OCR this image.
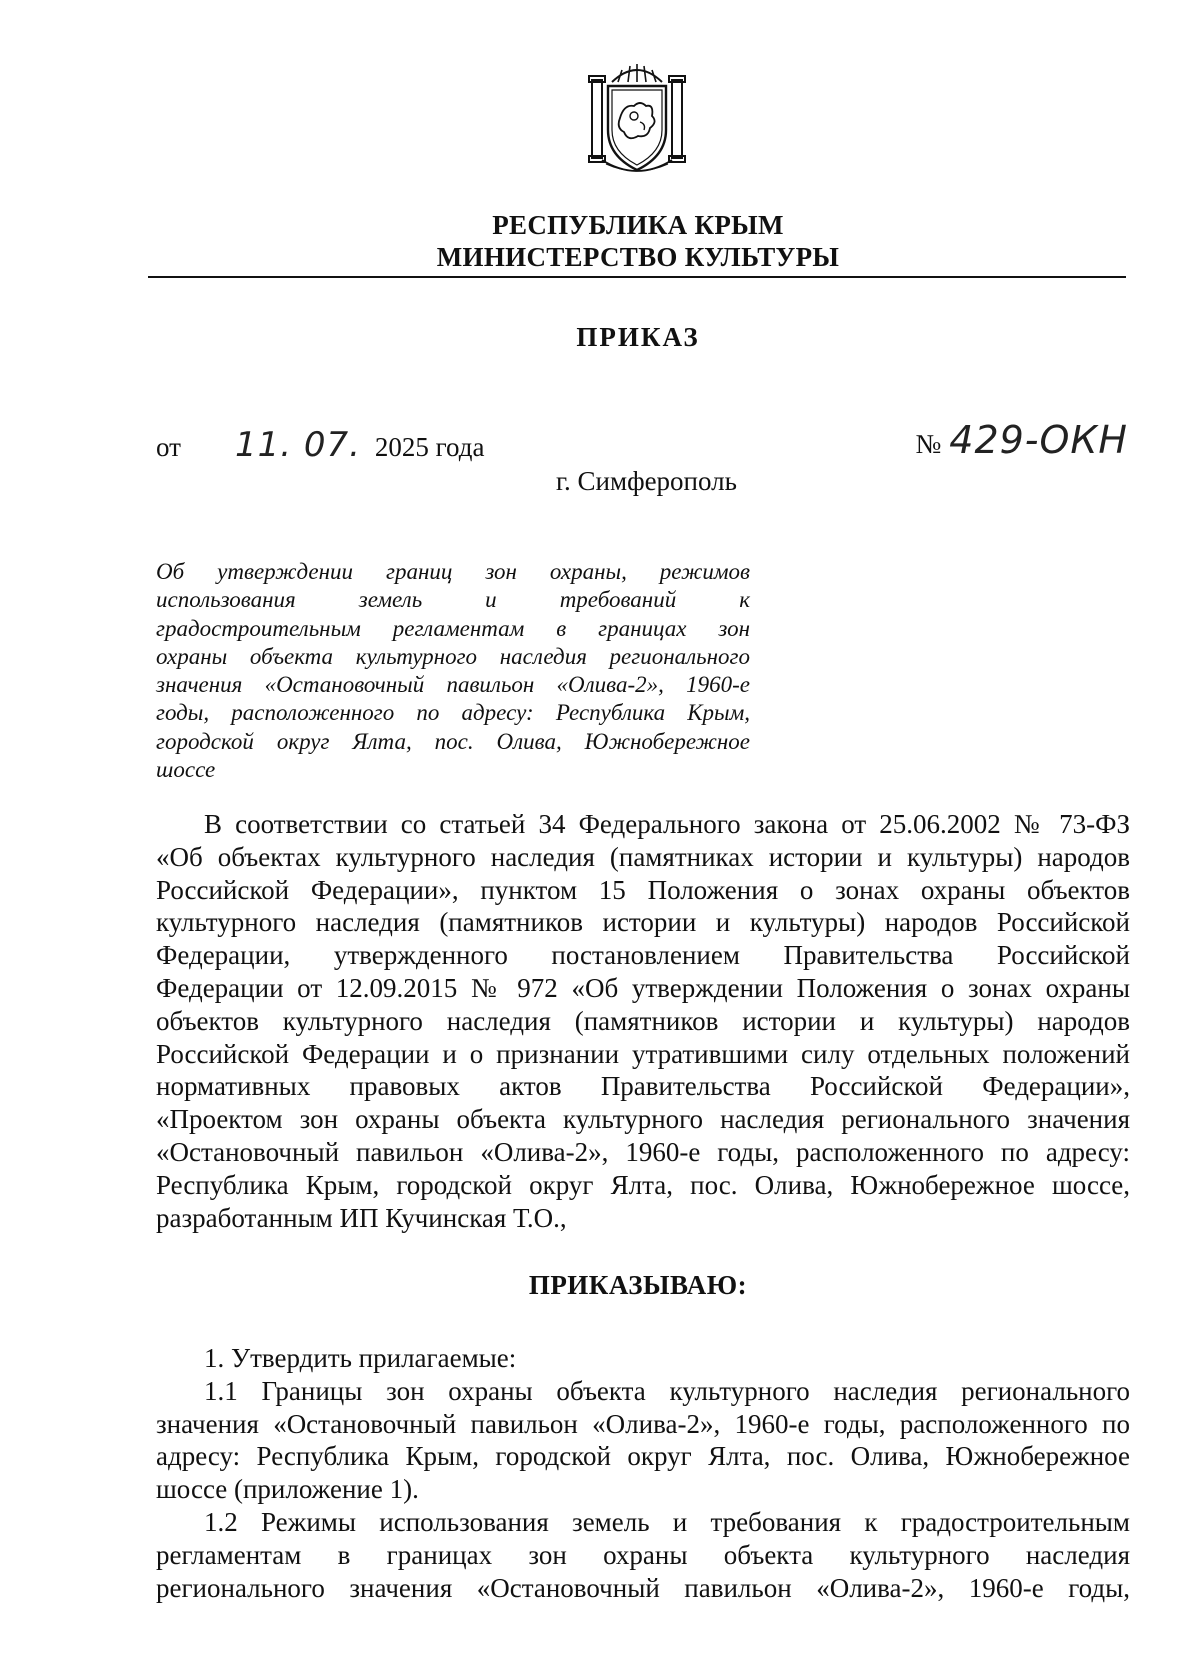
РЕСПУБЛИКА КРЫМ
МИНИСТЕРСТВО КУЛЬТУРЫ
ПРИКАЗ
от 11. 07. 2025 года	№ 429-ОКН
г. Симферополь
Об утверждении границ зон охраны, режимов
использования земель и требований к
градостроительным регламентам в границах зон
охраны объекта культурного наследия регионального
значения «Остановочный павильон «Олива-2», 1960-е
годы, расположенного по адресу: Республика Крым,
городской округ Ялта, пос. Олива, Южнобережное
шоссе
В соответствии со статьей 34 Федерального закона от 25.06.2002 № 73-ФЗ
«Об объектах культурного наследия (памятниках истории и культуры) народов
Российской Федерации», пунктом 15 Положения о зонах охраны объектов
культурного наследия (памятников истории и культуры) народов Российской
Федерации, утвержденного постановлением Правительства Российской
Федерации от 12.09.2015 № 972 «Об утверждении Положения о зонах охраны
объектов культурного наследия (памятников истории и культуры) народов
Российской Федерации и о признании утратившими силу отдельных положений
нормативных правовых актов Правительства Российской Федерации»,
«Проектом зон охраны объекта культурного наследия регионального значения
«Остановочный павильон «Олива-2», 1960-е годы, расположенного по адресу:
Республика Крым, городской округ Ялта, пос. Олива, Южнобережное шоссе,
разработанным ИП Кучинская Т.О.,
ПРИКАЗЫВАЮ:
1. Утвердить прилагаемые:
1.1 Границы зон охраны объекта культурного наследия регионального
значения «Остановочный павильон «Олива-2», 1960-е годы, расположенного по
адресу: Республика Крым, городской округ Ялта, пос. Олива, Южнобережное
шоссе (приложение 1).
1.2 Режимы использования земель и требования к градостроительным
регламентам в границах зон охраны объекта культурного наследия
регионального значения «Остановочный павильон «Олива-2», 1960-е годы,
